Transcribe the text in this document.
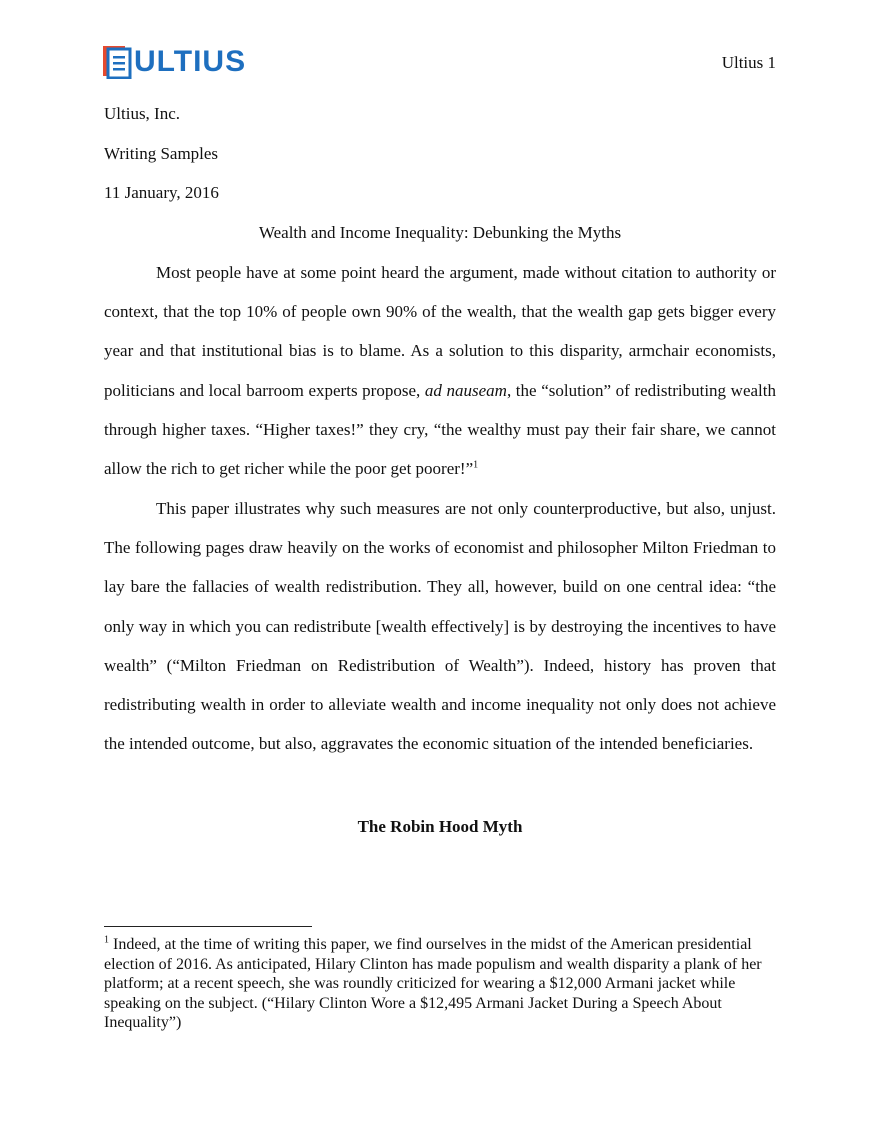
ULTIUS	Ultius 1
Ultius, Inc.
Writing Samples
11 January, 2016
Wealth and Income Inequality: Debunking the Myths

Most people have at some point heard the argument, made without citation to authority or context, that the top 10% of people own 90% of the wealth, that the wealth gap gets bigger every year and that institutional bias is to blame. As a solution to this disparity, armchair economists, politicians and local barroom experts propose, ad nauseam, the “solution” of redistributing wealth through higher taxes. “Higher taxes!” they cry, “the wealthy must pay their fair share, we cannot allow the rich to get richer while the poor get poorer!”$^1$

This paper illustrates why such measures are not only counterproductive, but also, unjust. The following pages draw heavily on the works of economist and philosopher Milton Friedman to lay bare the fallacies of wealth redistribution. They all, however, build on one central idea: “the only way in which you can redistribute [wealth effectively] is by destroying the incentives to have wealth” (“Milton Friedman on Redistribution of Wealth”). Indeed, history has proven that redistributing wealth in order to alleviate wealth and income inequality not only does not achieve the intended outcome, but also, aggravates the economic situation of the intended beneficiaries.

The Robin Hood Myth
$^1$ Indeed, at the time of writing this paper, we find ourselves in the midst of the American presidential election of 2016. As anticipated, Hilary Clinton has made populism and wealth disparity a plank of her platform; at a recent speech, she was roundly criticized for wearing a $12,000 Armani jacket while speaking on the subject. (“Hilary Clinton Wore a $12,495 Armani Jacket During a Speech About Inequality”)
